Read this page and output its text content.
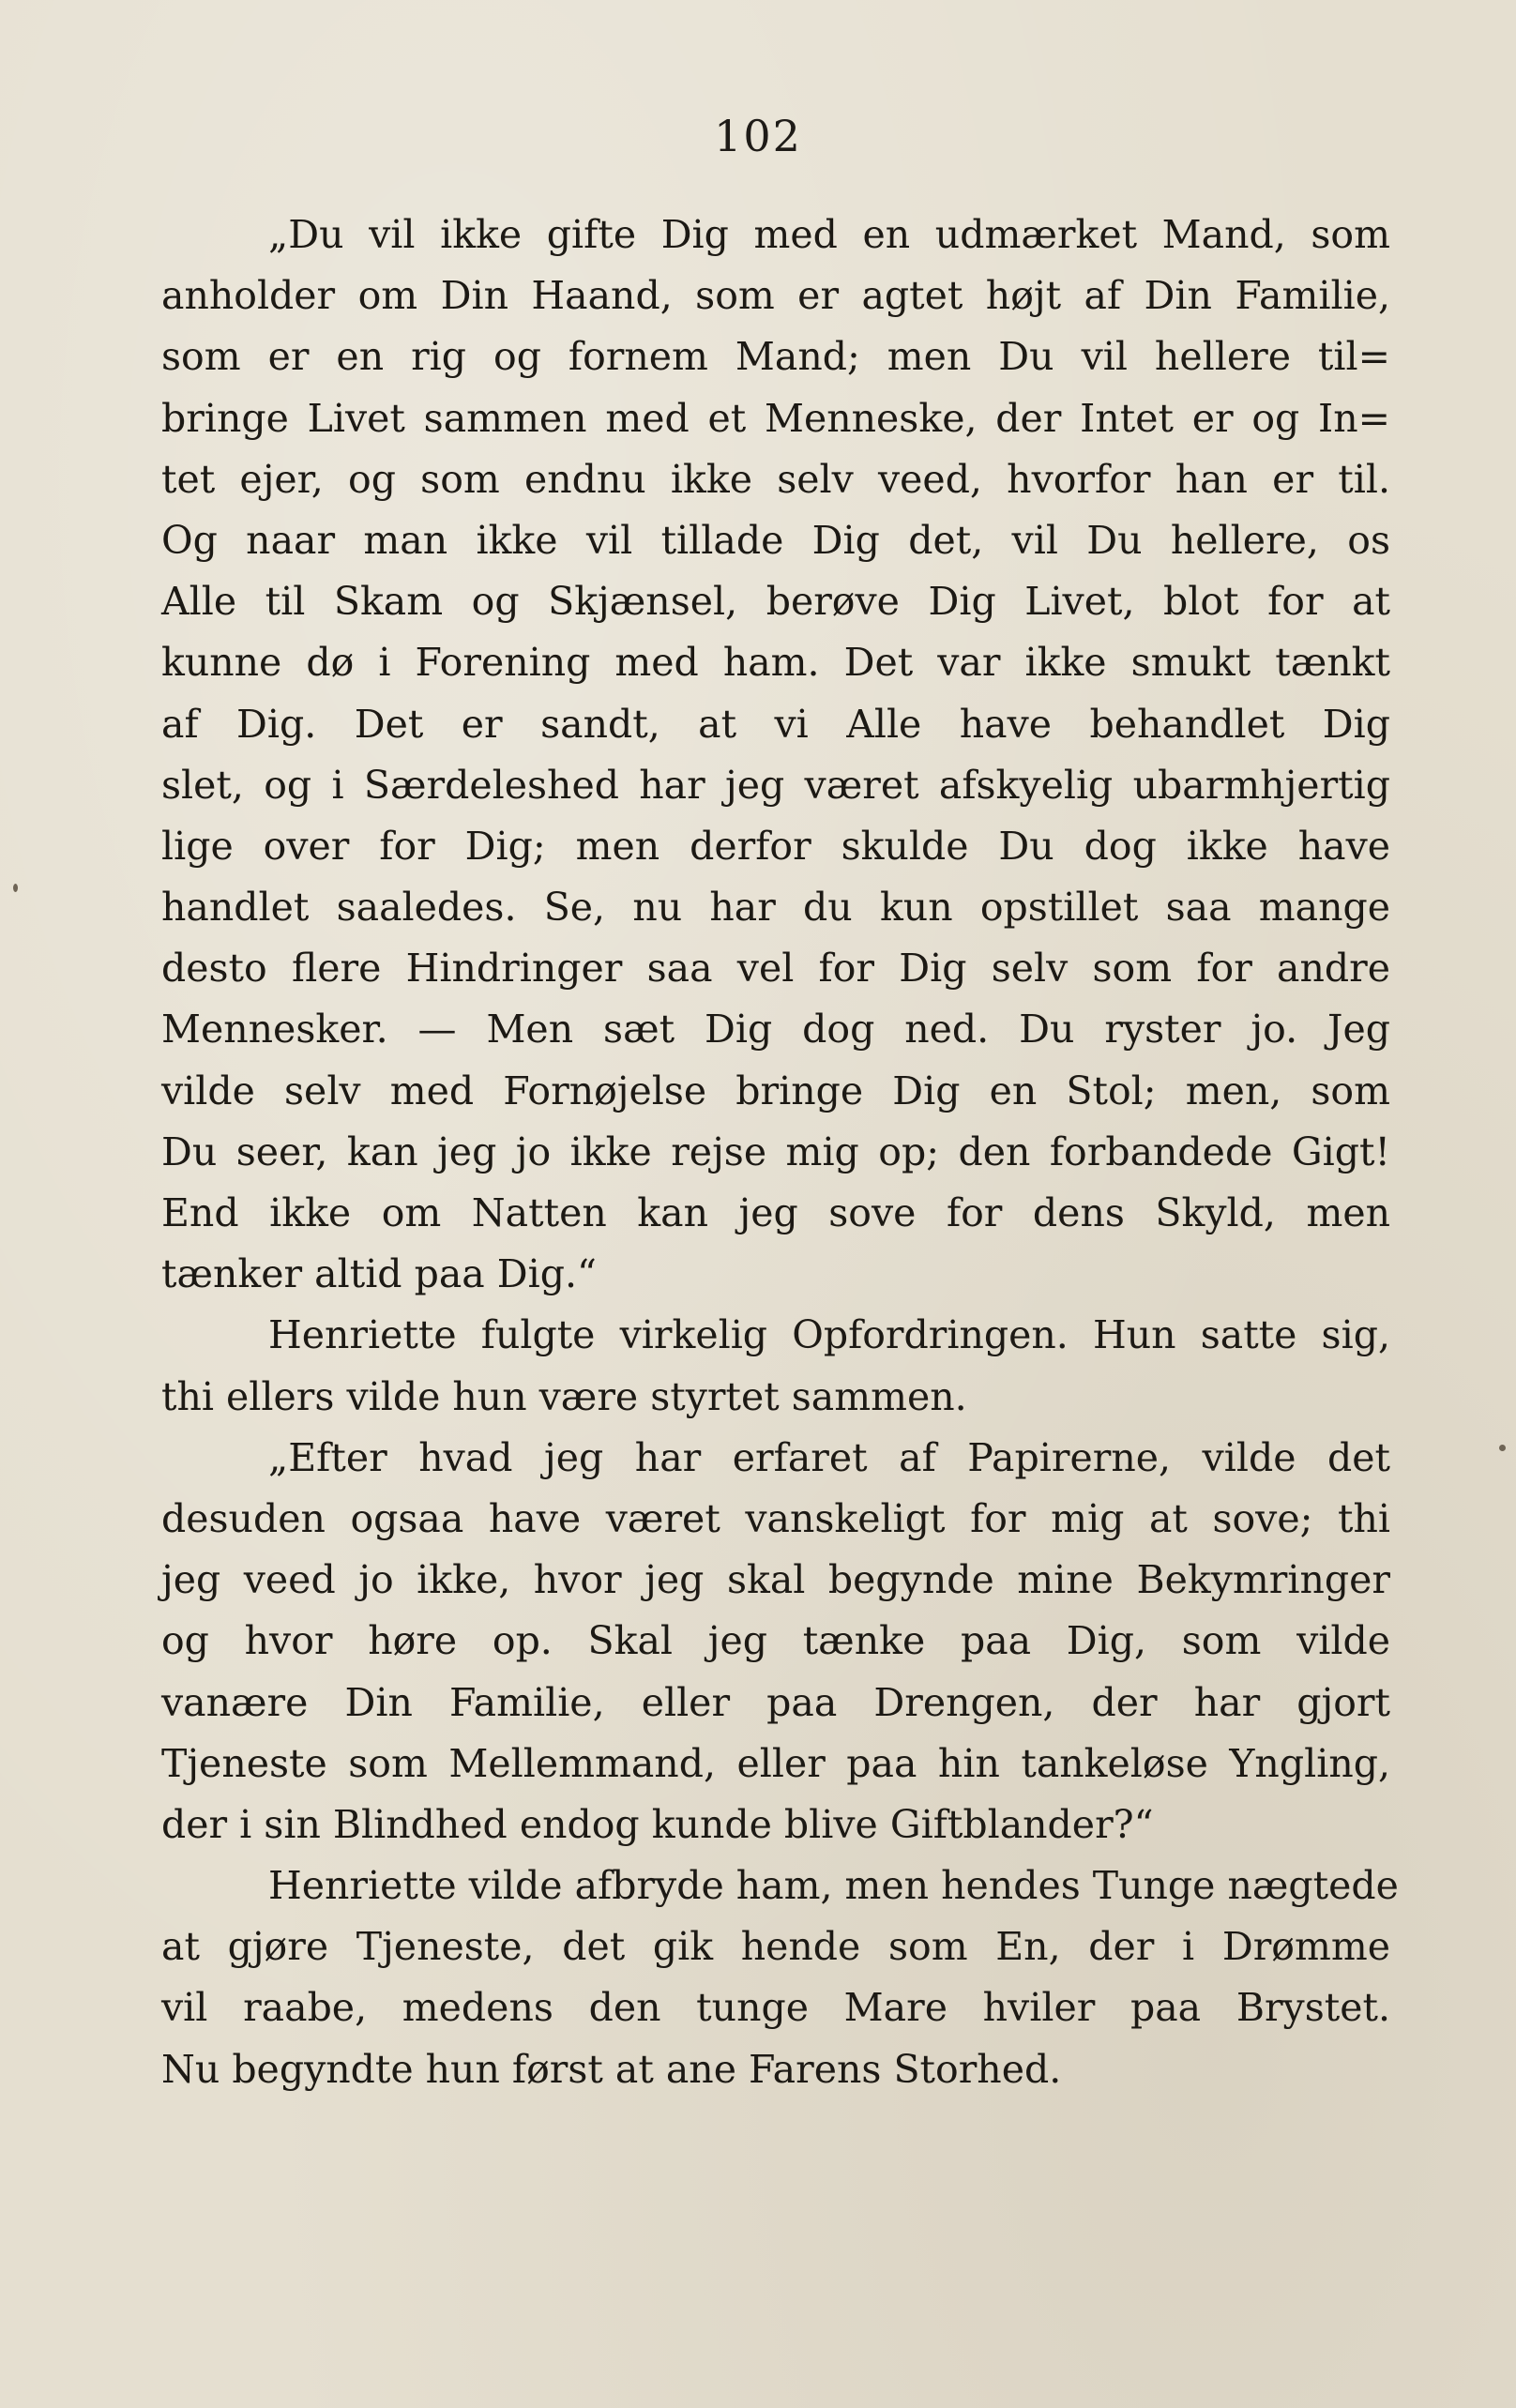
102
„Du vil ikke gifte Dig med en udmærket Mand, som
anholder om Din Haand, som er agtet højt af Din Familie,
som er en rig og fornem Mand; men Du vil hellere til=
bringe Livet sammen med et Menneske, der Intet er og In=
tet ejer, og som endnu ikke selv veed, hvorfor han er til.
Og naar man ikke vil tillade Dig det, vil Du hellere, os
Alle til Skam og Skjænsel, berøve Dig Livet, blot for at
kunne dø i Forening med ham. Det var ikke smukt tænkt
af Dig. Det er sandt, at vi Alle have behandlet Dig
slet, og i Særdeleshed har jeg været afskyelig ubarmhjertig
lige over for Dig; men derfor skulde Du dog ikke have
handlet saaledes. Se, nu har du kun opstillet saa mange
desto flere Hindringer saa vel for Dig selv som for andre
Mennesker. — Men sæt Dig dog ned. Du ryster jo. Jeg
vilde selv med Fornøjelse bringe Dig en Stol; men, som
Du seer, kan jeg jo ikke rejse mig op; den forbandede Gigt!
End ikke om Natten kan jeg sove for dens Skyld, men
tænker altid paa Dig.“
Henriette fulgte virkelig Opfordringen. Hun satte sig,
thi ellers vilde hun være styrtet sammen.
„Efter hvad jeg har erfaret af Papirerne, vilde det
desuden ogsaa have været vanskeligt for mig at sove; thi
jeg veed jo ikke, hvor jeg skal begynde mine Bekymringer
og hvor høre op. Skal jeg tænke paa Dig, som vilde
vanære Din Familie, eller paa Drengen, der har gjort
Tjeneste som Mellemmand, eller paa hin tankeløse Yngling,
der i sin Blindhed endog kunde blive Giftblander?“
Henriette vilde afbryde ham, men hendes Tunge nægtede
at gjøre Tjeneste, det gik hende som En, der i Drømme
vil raabe, medens den tunge Mare hviler paa Brystet.
Nu begyndte hun først at ane Farens Storhed.
